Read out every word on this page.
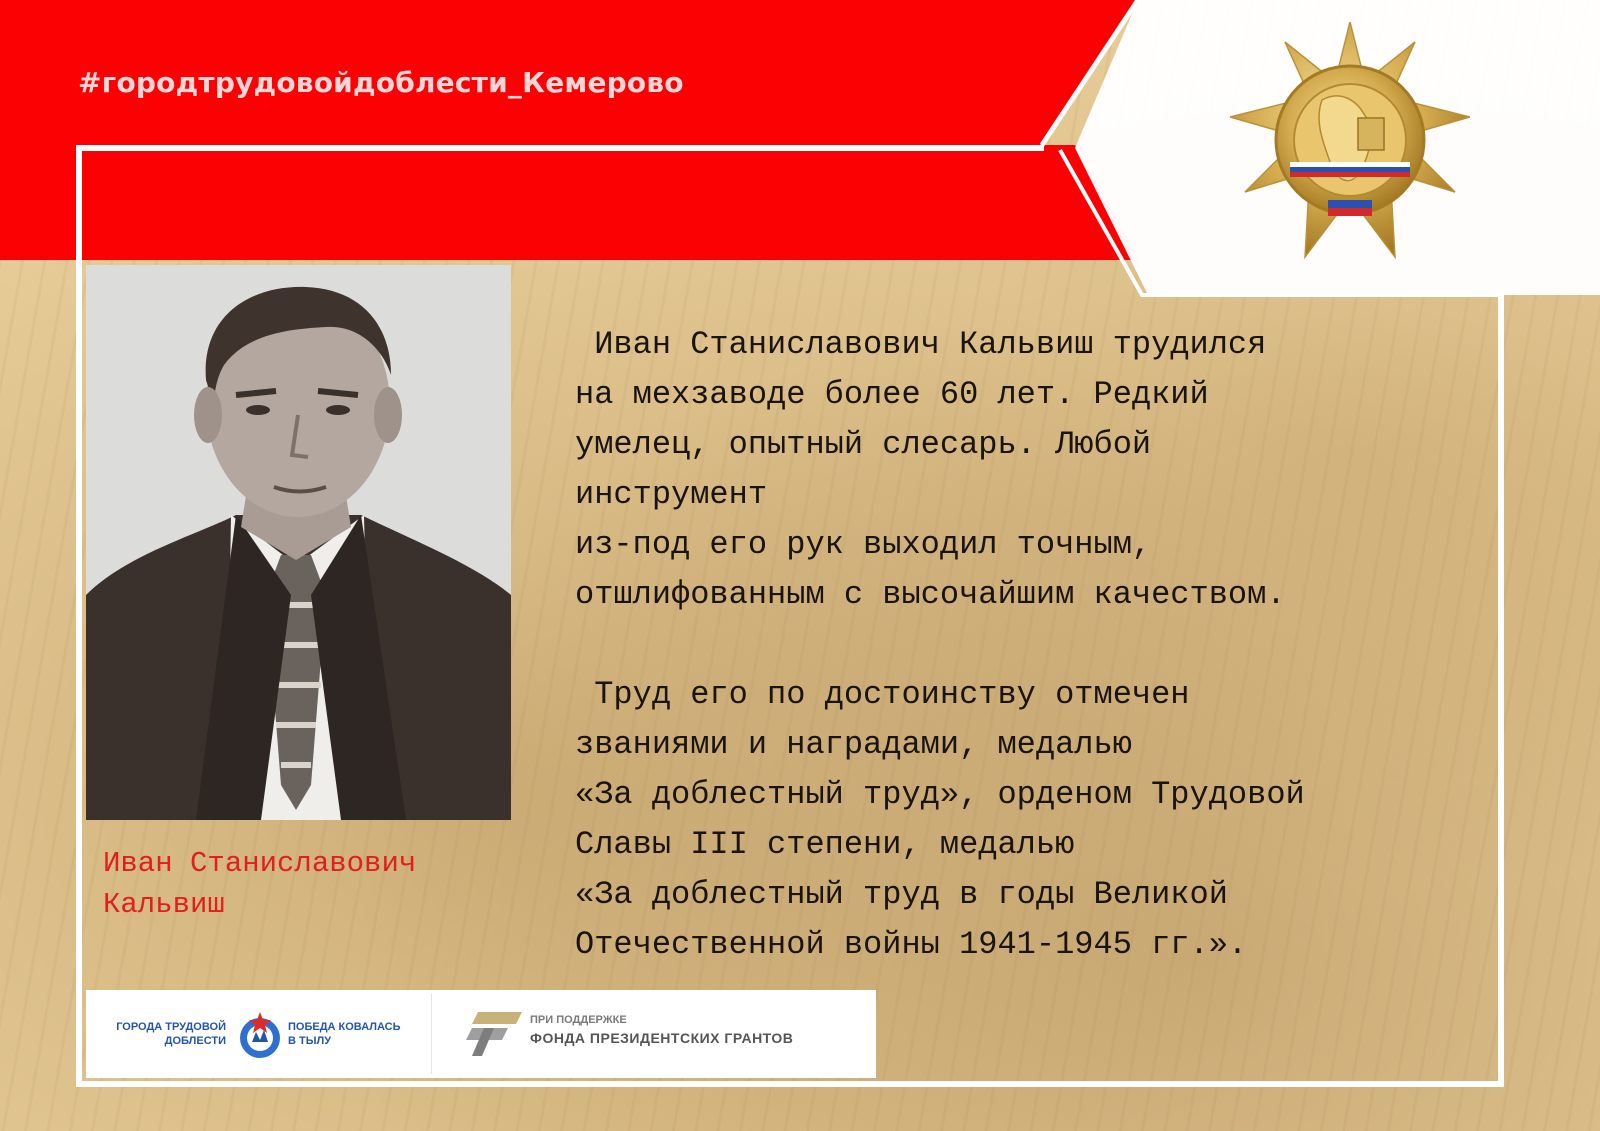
#городтрудовойдоблести_Кемерово
Иван Станиславович
Кальвиш
Иван Станиславович Кальвиш трудился
на мехзаводе более 60 лет. Редкий
умелец, опытный слесарь. Любой
инструмент
из-под его рук выходил точным,
отшлифованным с высочайшим качеством.
Труд его по достоинству отмечен
званиями и наградами, медалью
«За доблестный труд», орденом Трудовой
Славы III степени, медалью
«За доблестный труд в годы Великой
Отечественной войны 1941-1945 гг.».
ГОРОДА ТРУДОВОЙ
ДОБЛЕСТИ
ПОБЕДА КОВАЛАСЬ
В ТЫЛУ
ПРИ ПОДДЕРЖКЕ
ФОНДА ПРЕЗИДЕНТСКИХ ГРАНТОВ
